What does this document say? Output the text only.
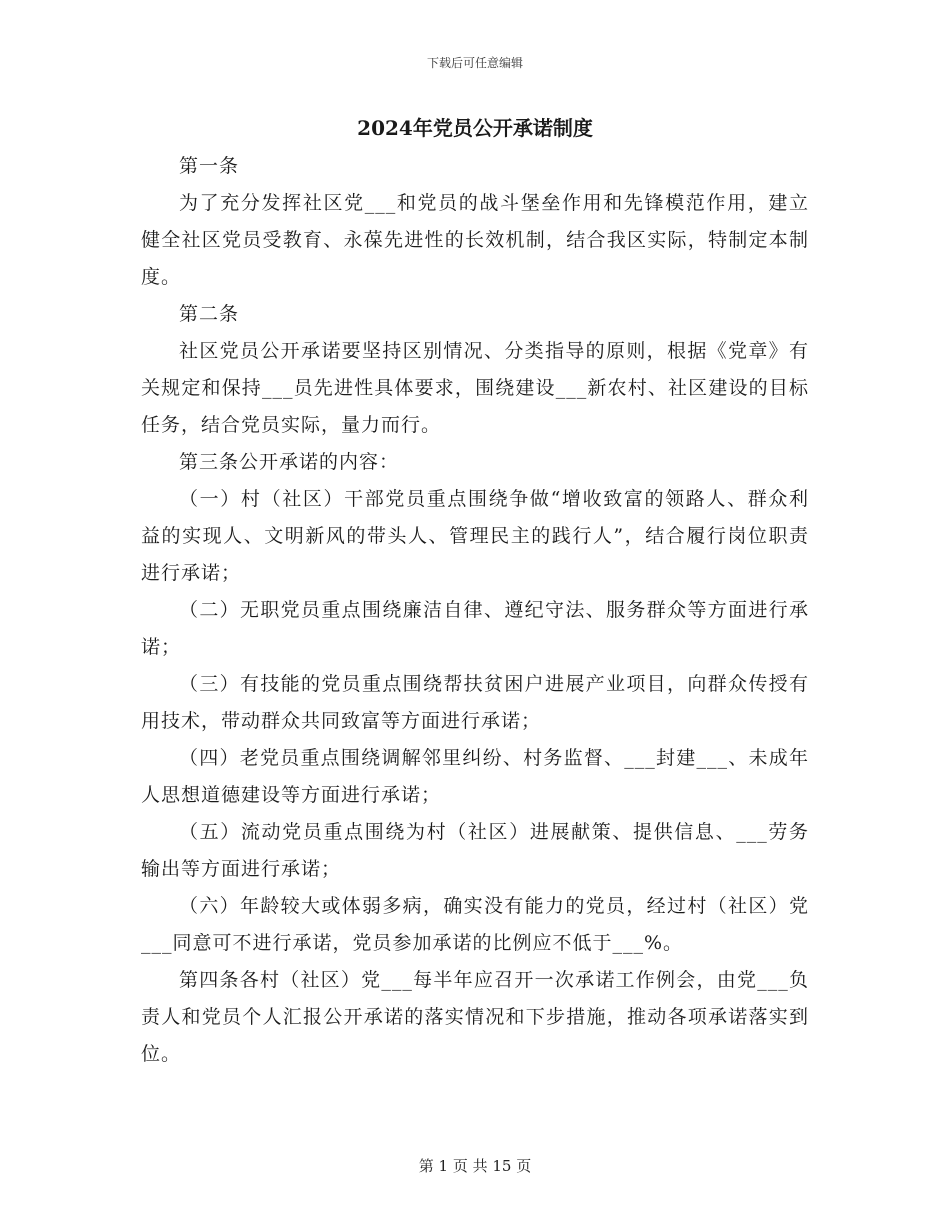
下载后可任意编辑
2024年党员公开承诺制度

第一条

为了充分发挥社区党___和党员的战斗堡垒作用和先锋模范作用，建立健全社区党员受教育、永葆先进性的长效机制，结合我区实际，特制定本制度。

第二条

社区党员公开承诺要坚持区别情况、分类指导的原则，根据《党章》有关规定和保持___员先进性具体要求，围绕建设___新农村、社区建设的目标任务，结合党员实际，量力而行。

第三条公开承诺的内容：

（一）村（社区）干部党员重点围绕争做“增收致富的领路人、群众利益的实现人、文明新风的带头人、管理民主的践行人”，结合履行岗位职责进行承诺；

（二）无职党员重点围绕廉洁自律、遵纪守法、服务群众等方面进行承诺；

（三）有技能的党员重点围绕帮扶贫困户进展产业项目，向群众传授有用技术，带动群众共同致富等方面进行承诺；

（四）老党员重点围绕调解邻里纠纷、村务监督、___封建___、未成年人思想道德建设等方面进行承诺；

（五）流动党员重点围绕为村（社区）进展献策、提供信息、___劳务输出等方面进行承诺；

（六）年龄较大或体弱多病，确实没有能力的党员，经过村（社区）党___同意可不进行承诺，党员参加承诺的比例应不低于___%。

第四条各村（社区）党___每半年应召开一次承诺工作例会，由党___负责人和党员个人汇报公开承诺的落实情况和下步措施，推动各项承诺落实到位。

第 1 页 共 15 页
